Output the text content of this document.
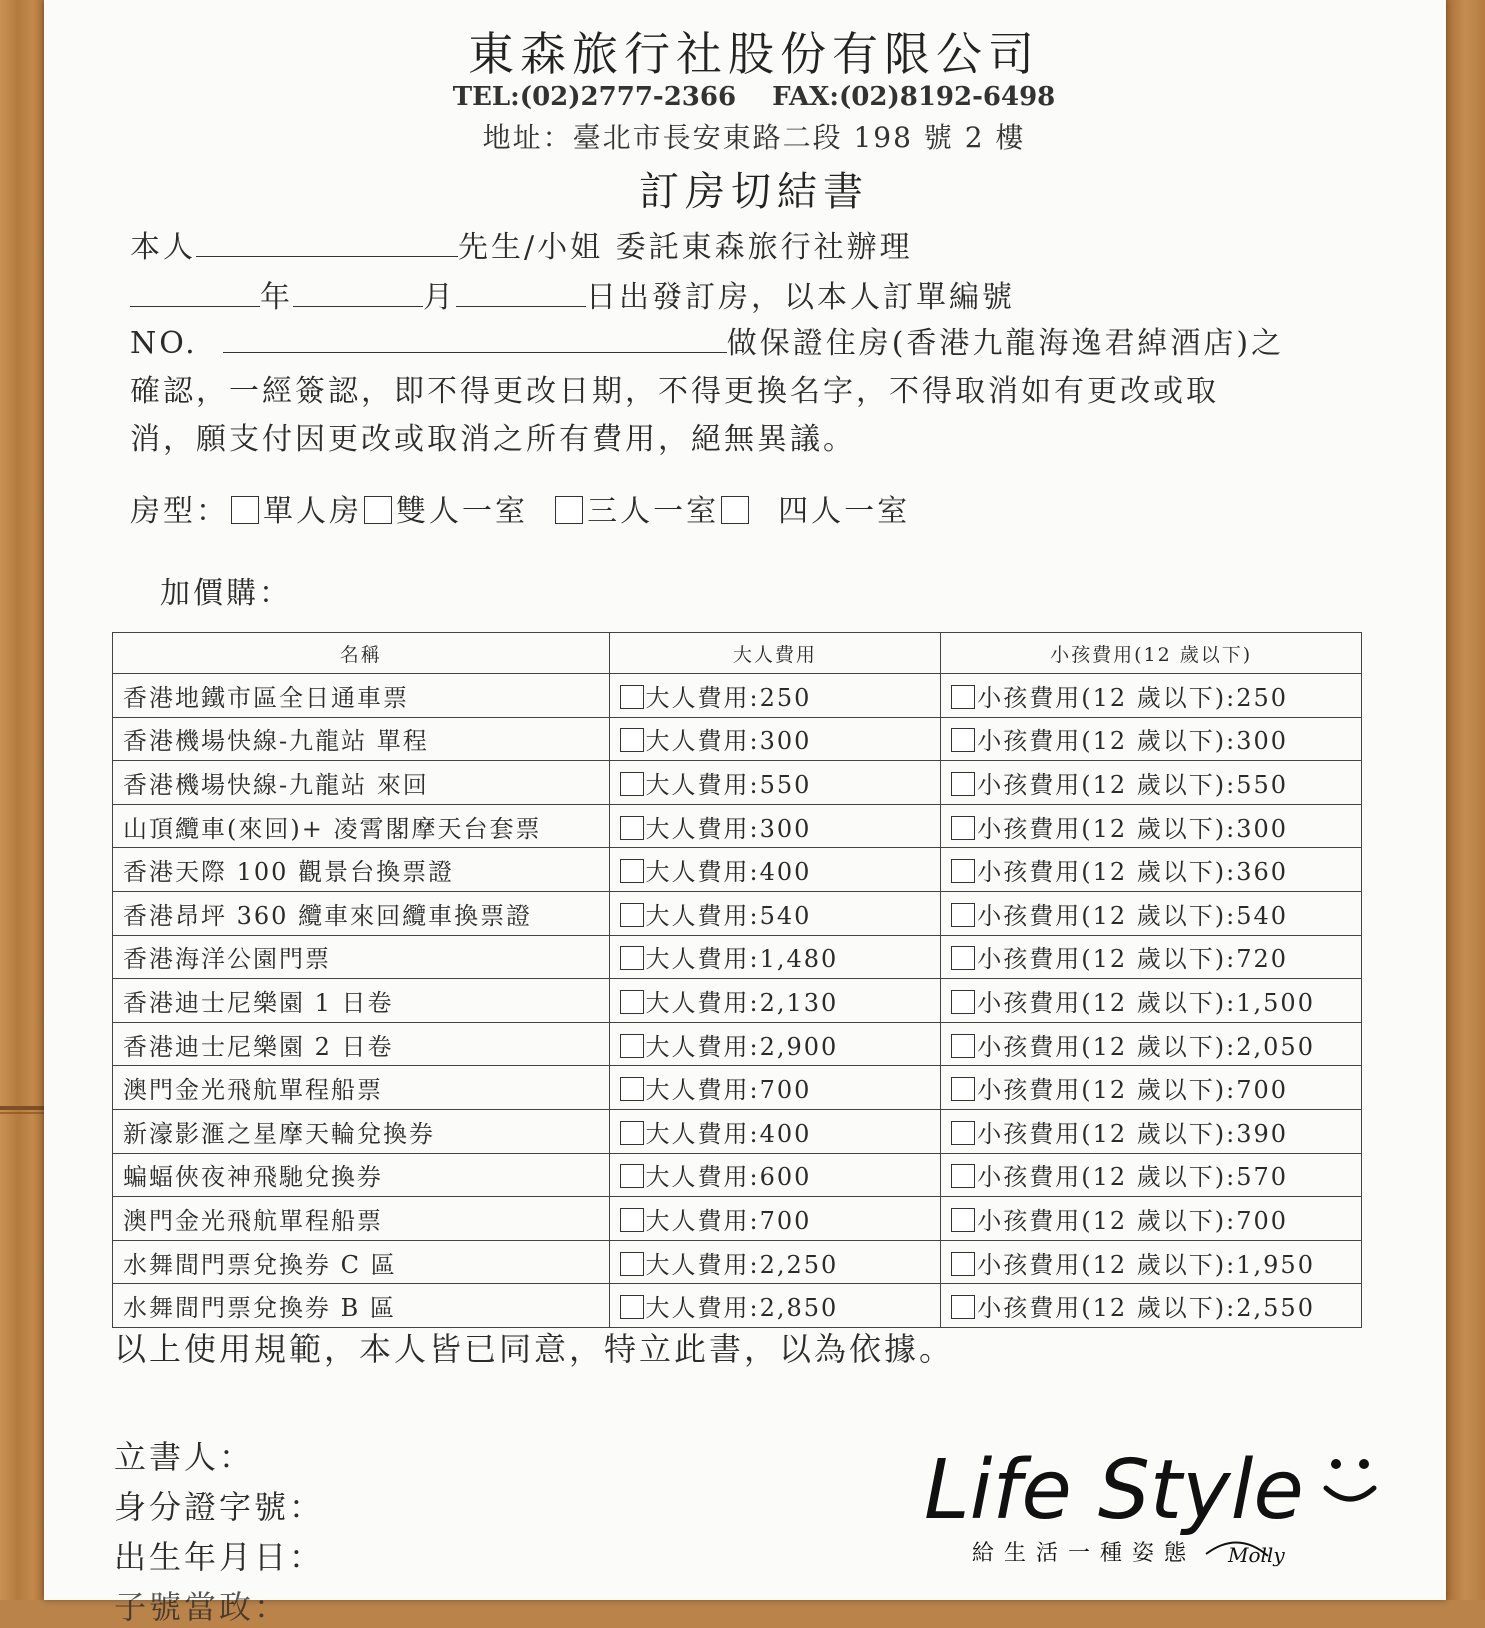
東森旅行社股份有限公司
TEL:(02)2777-2366 FAX:(02)8192-6498
地址：臺北市長安東路二段 198 號 2 樓
訂房切結書
本人	先生/小姐 委託東森旅行社辦理
年	月	日出發訂房，以本人訂單編號
NO.	做保證住房(香港九龍海逸君綽酒店)之
確認，一經簽認，即不得更改日期，不得更換名字，不得取消如有更改或取
消，願支付因更改或取消之所有費用，絕無異議。
房型： 單人房 雙人一室 三人一室 四人一室
加價購：
名稱	大人費用	小孩費用(12 歲以下)
香港地鐵市區全日通車票	大人費用:250	小孩費用(12 歲以下):250
香港機場快線-九龍站 單程	大人費用:300	小孩費用(12 歲以下):300
香港機場快線-九龍站 來回	大人費用:550	小孩費用(12 歲以下):550
山頂纜車(來回)+ 凌霄閣摩天台套票	大人費用:300	小孩費用(12 歲以下):300
香港天際 100 觀景台換票證	大人費用:400	小孩費用(12 歲以下):360
香港昂坪 360 纜車來回纜車換票證	大人費用:540	小孩費用(12 歲以下):540
香港海洋公園門票	大人費用:1,480	小孩費用(12 歲以下):720
香港迪士尼樂園 1 日卷	大人費用:2,130	小孩費用(12 歲以下):1,500
香港迪士尼樂園 2 日卷	大人費用:2,900	小孩費用(12 歲以下):2,050
澳門金光飛航單程船票	大人費用:700	小孩費用(12 歲以下):700
新濠影滙之星摩天輪兌換券	大人費用:400	小孩費用(12 歲以下):390
蝙蝠俠夜神飛馳兌換券	大人費用:600	小孩費用(12 歲以下):570
澳門金光飛航單程船票	大人費用:700	小孩費用(12 歲以下):700
水舞間門票兌換券 C 區	大人費用:2,250	小孩費用(12 歲以下):1,950
水舞間門票兌換券 B 區	大人費用:2,850	小孩費用(12 歲以下):2,550
以上使用規範，本人皆已同意，特立此書，以為依據。
立書人：
身分證字號：
出生年月日：
子號當政：
Life Style
給生活一種姿態 Molly
